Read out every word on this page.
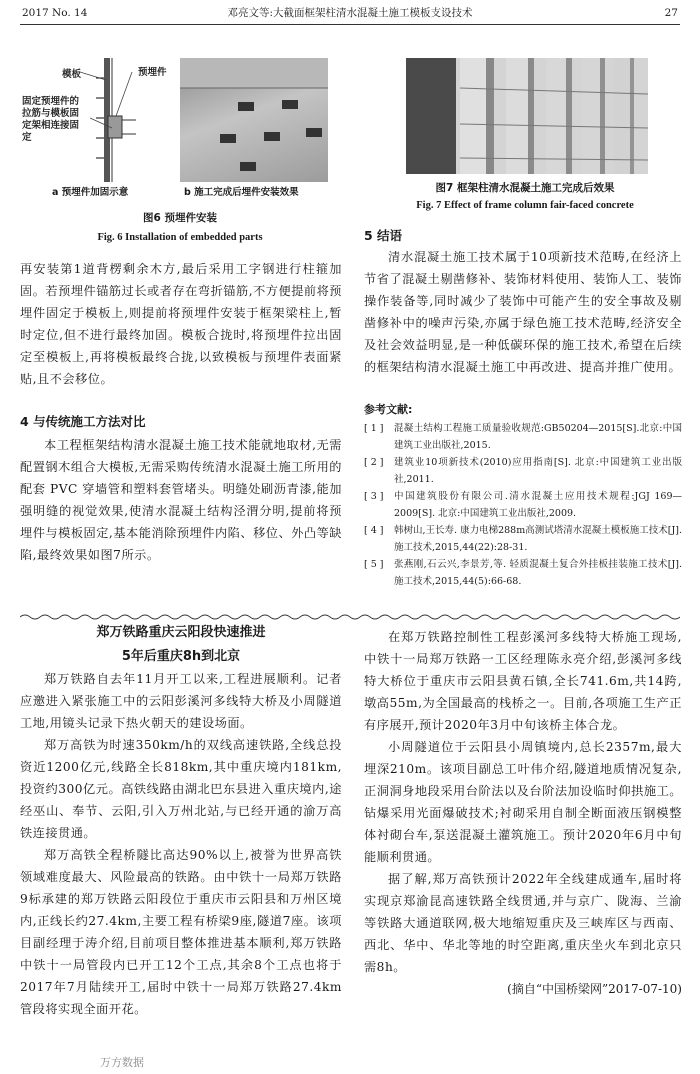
2017 No. 14	邓亮文等:大截面框架柱清水混凝土施工模板支设技术	27
模板	预埋件
固定预埋件的拉筋与模板固定架相连接固定
a 预埋件加固示意	b 施工完成后埋件安装效果
图6 预埋件安装
Fig. 6 Installation of embedded parts
再安装第1道背楞剩余木方,最后采用工字钢进行柱箍加固。若预埋件锚筋过长或者存在弯折锚筋,不方便提前将预埋件固定于模板上,则提前将预埋件安装于框架梁柱上,暂时定位,但不进行最终加固。模板合拢时,将预埋件拉出固定至模板上,再将模板最终合拢,以致模板与预埋件表面紧贴,且不会移位。
4 与传统施工方法对比
本工程框架结构清水混凝土施工技术能就地取材,无需配置钢木组合大模板,无需采购传统清水混凝土施工所用的配套 PVC 穿墙管和塑料套管堵头。明缝处刷沥青漆,能加强明缝的视觉效果,使清水混凝土结构泾渭分明,提前将预埋件与模板固定,基本能消除预埋件内陷、移位、外凸等缺陷,最终效果如图7所示。
图7 框架柱清水混凝土施工完成后效果
Fig. 7 Effect of frame column fair-faced concrete
5 结语
清水混凝土施工技术属于10项新技术范畴,在经济上节省了混凝土剔凿修补、装饰材料使用、装饰人工、装饰操作装备等,同时减少了装饰中可能产生的安全事故及剔凿修补中的噪声污染,亦属于绿色施工技术范畴,经济安全及社会效益明显,是一种低碳环保的施工技术,希望在后续的框架结构清水混凝土施工中再改进、提高并推广使用。
参考文献:
[ 1 ]	混凝土结构工程施工质量验收规范:GB50204—2015[S].北京:中国建筑工业出版社,2015.
[ 2 ]	建筑业10项新技术(2010)应用指南[S]. 北京:中国建筑工业出版社,2011.
[ 3 ]	中国建筑股份有限公司.清水混凝土应用技术规程:JGJ 169—2009[S]. 北京:中国建筑工业出版社,2009.
[ 4 ]	韩树山,王长寿. 康力电梯288m高测试塔清水混凝土模板施工技术[J]. 施工技术,2015,44(22):28-31.
[ 5 ]	张燕刚,石云兴,李景芳,等. 轻质混凝土复合外挂板挂装施工技术[J]. 施工技术,2015,44(5):66-68.
郑万铁路重庆云阳段快速推进
5年后重庆8h到北京
郑万铁路自去年11月开工以来,工程进展顺利。记者应邀进入紧张施工中的云阳彭溪河多线特大桥及小周隧道工地,用镜头记录下热火朝天的建设场面。
郑万高铁为时速350km/h的双线高速铁路,全线总投资近1200亿元,线路全长818km,其中重庆境内181km,投资约300亿元。高铁线路由湖北巴东县进入重庆境内,途经巫山、奉节、云阳,引入万州北站,与已经开通的渝万高铁连接贯通。
郑万高铁全程桥隧比高达90%以上,被誉为世界高铁领域难度最大、风险最高的铁路。由中铁十一局郑万铁路9标承建的郑万铁路云阳段位于重庆市云阳县和万州区境内,正线长约27.4km,主要工程有桥梁9座,隧道7座。该项目副经理于涛介绍,目前项目整体推进基本顺利,郑万铁路中铁十一局管段内已开工12个工点,其余8个工点也将于2017年7月陆续开工,届时中铁十一局郑万铁路27.4km管段将实现全面开花。
在郑万铁路控制性工程彭溪河多线特大桥施工现场,中铁十一局郑万铁路一工区经理陈永亮介绍,彭溪河多线特大桥位于重庆市云阳县黄石镇,全长741.6m,共14跨,墩高55m,为全国最高的栈桥之一。目前,各项施工生产正有序展开,预计2020年3月中旬该桥主体合龙。
小周隧道位于云阳县小周镇境内,总长2357m,最大埋深210m。该项目副总工叶伟介绍,隧道地质情况复杂,正洞洞身地段采用台阶法以及台阶法加设临时仰拱施工。钻爆采用光面爆破技术;衬砌采用自制全断面液压钢模整体衬砌台车,泵送混凝土灌筑施工。预计2020年6月中旬能顺利贯通。
据了解,郑万高铁预计2022年全线建成通车,届时将实现京郑渝昆高速铁路全线贯通,并与京广、陇海、兰渝等铁路大通道联网,极大地缩短重庆及三峡库区与西南、西北、华中、华北等地的时空距离,重庆坐火车到北京只需8h。
(摘自“中国桥梁网”2017-07-10)
万方数据
